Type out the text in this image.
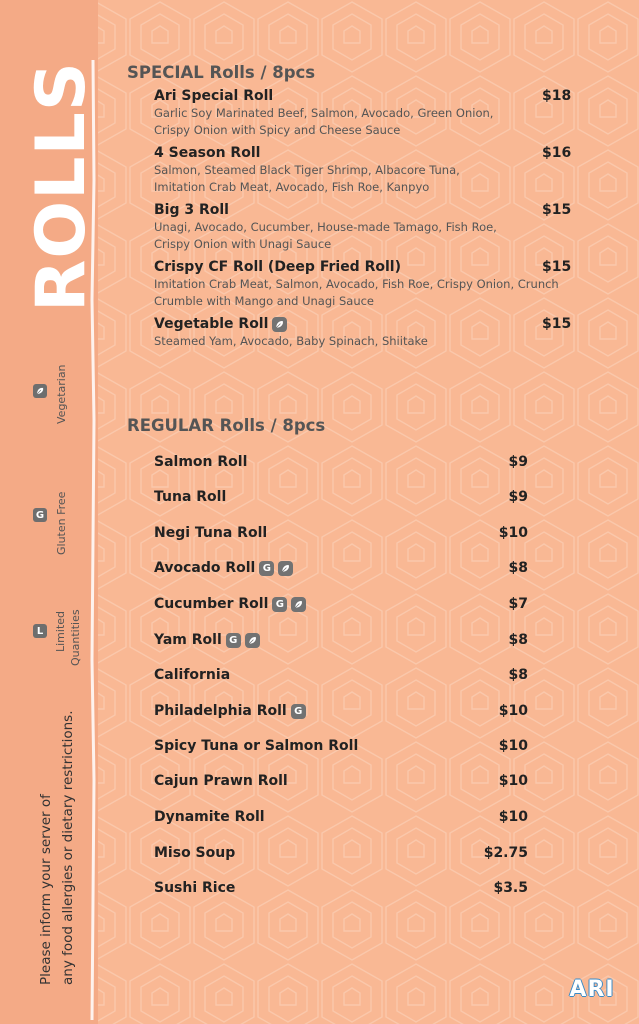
ROLLS
Vegetarian
G Gluten Free
L Limited Quantities
Please inform your server of any food allergies or dietary restrictions.
SPECIAL Rolls / 8pcs
Ari Special Roll	$18
Garlic Soy Marinated Beef, Salmon, Avocado, Green Onion,
Crispy Onion with Spicy and Cheese Sauce
4 Season Roll	$16
Salmon, Steamed Black Tiger Shrimp, Albacore Tuna,
Imitation Crab Meat, Avocado, Fish Roe, Kanpyo
Big 3 Roll	$15
Unagi, Avocado, Cucumber, House-made Tamago, Fish Roe,
Crispy Onion with Unagi Sauce
Crispy CF Roll (Deep Fried Roll)	$15
Imitation Crab Meat, Salmon, Avocado, Fish Roe, Crispy Onion, Crunch
Crumble with Mango and Unagi Sauce
Vegetable Roll	$15
Steamed Yam, Avocado, Baby Spinach, Shiitake
REGULAR Rolls / 8pcs
Salmon Roll	$9
Tuna Roll	$9
Negi Tuna Roll	$10
Avocado Roll G	$8
Cucumber Roll G	$7
Yam Roll G	$8
California	$8
Philadelphia Roll G	$10
Spicy Tuna or Salmon Roll	$10
Cajun Prawn Roll	$10
Dynamite Roll	$10
Miso Soup	$2.75
Sushi Rice	$3.5
ARI
